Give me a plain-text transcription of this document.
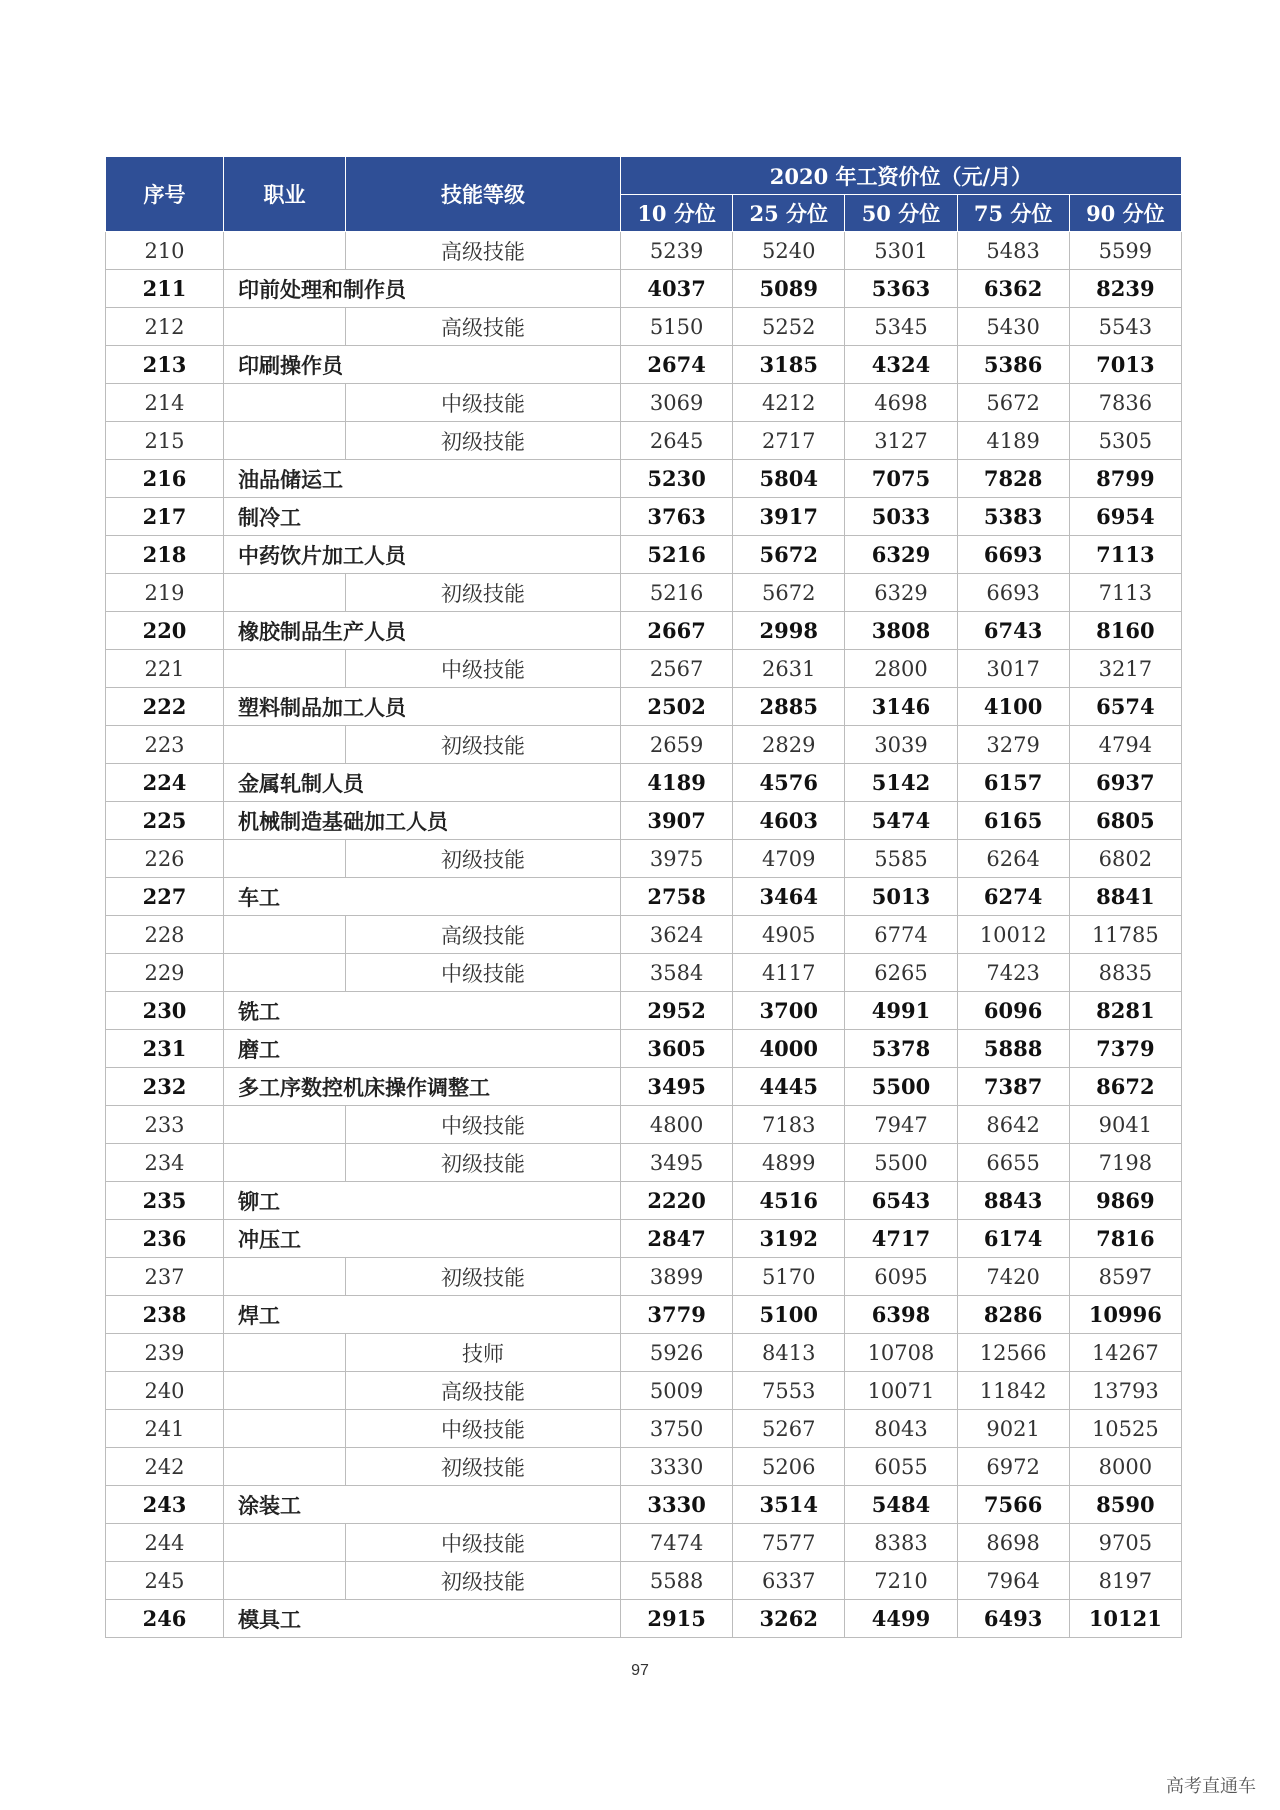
序号	职业	技能等级	2020 年工资价位（元/月）				
			10 分位	25 分位	50 分位	75 分位	90 分位
210		高级技能	5239	5240	5301	5483	5599
211	印前处理和制作员		4037	5089	5363	6362	8239
212		高级技能	5150	5252	5345	5430	5543
213	印刷操作员		2674	3185	4324	5386	7013
214		中级技能	3069	4212	4698	5672	7836
215		初级技能	2645	2717	3127	4189	5305
216	油品储运工		5230	5804	7075	7828	8799
217	制冷工		3763	3917	5033	5383	6954
218	中药饮片加工人员		5216	5672	6329	6693	7113
219		初级技能	5216	5672	6329	6693	7113
220	橡胶制品生产人员		2667	2998	3808	6743	8160
221		中级技能	2567	2631	2800	3017	3217
222	塑料制品加工人员		2502	2885	3146	4100	6574
223		初级技能	2659	2829	3039	3279	4794
224	金属轧制人员		4189	4576	5142	6157	6937
225	机械制造基础加工人员		3907	4603	5474	6165	6805
226		初级技能	3975	4709	5585	6264	6802
227	车工		2758	3464	5013	6274	8841
228		高级技能	3624	4905	6774	10012	11785
229		中级技能	3584	4117	6265	7423	8835
230	铣工		2952	3700	4991	6096	8281
231	磨工		3605	4000	5378	5888	7379
232	多工序数控机床操作调整工		3495	4445	5500	7387	8672
233		中级技能	4800	7183	7947	8642	9041
234		初级技能	3495	4899	5500	6655	7198
235	铆工		2220	4516	6543	8843	9869
236	冲压工		2847	3192	4717	6174	7816
237		初级技能	3899	5170	6095	7420	8597
238	焊工		3779	5100	6398	8286	10996
239		技师	5926	8413	10708	12566	14267
240		高级技能	5009	7553	10071	11842	13793
241		中级技能	3750	5267	8043	9021	10525
242		初级技能	3330	5206	6055	6972	8000
243	涂装工		3330	3514	5484	7566	8590
244		中级技能	7474	7577	8383	8698	9705
245		初级技能	5588	6337	7210	7964	8197
246	模具工		2915	3262	4499	6493	10121
97
高考直通车
